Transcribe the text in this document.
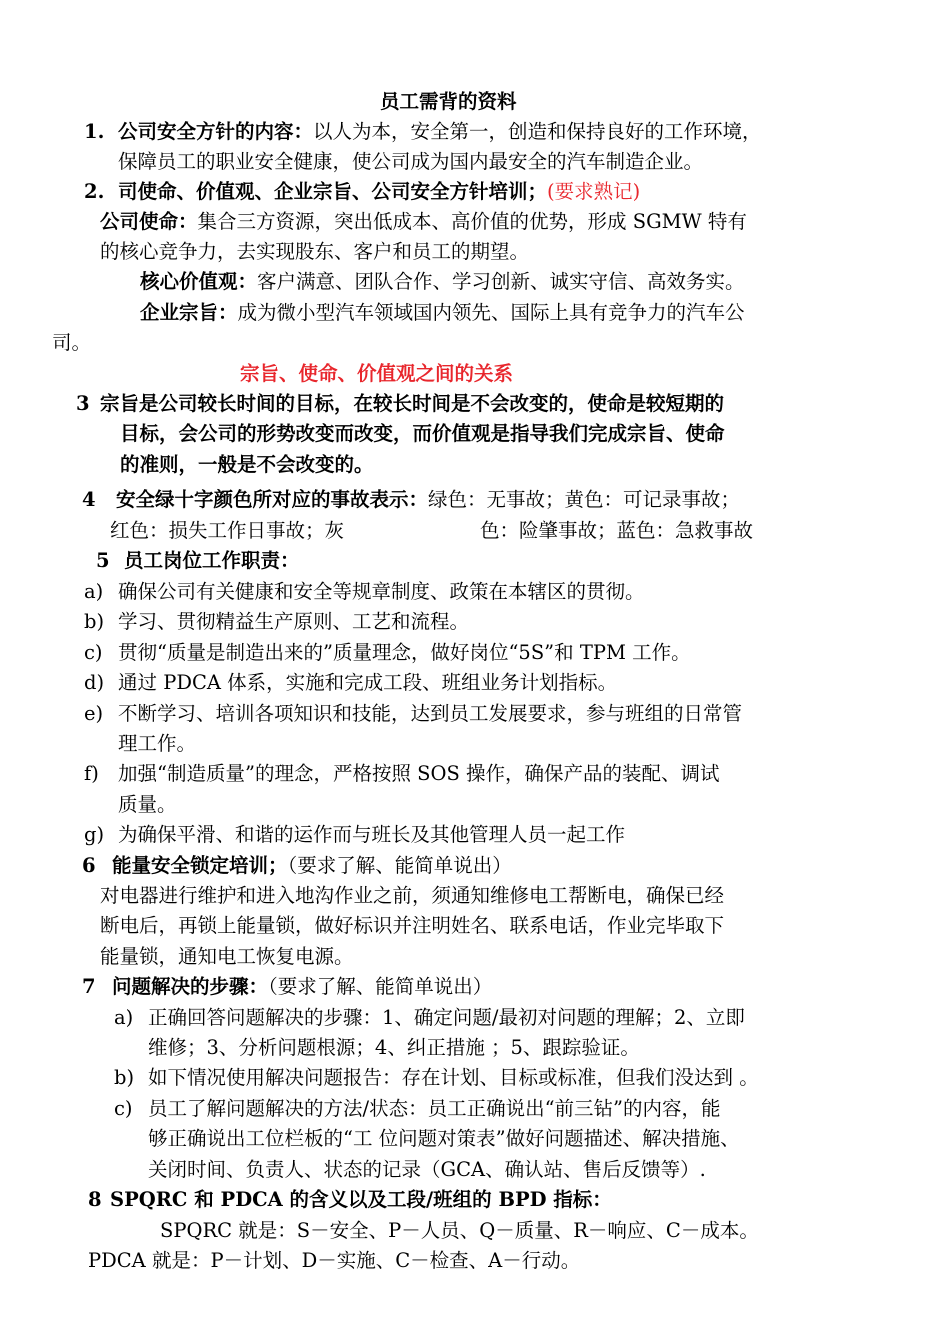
员工需背的资料
1. 公司安全方针的内容：以人为本，安全第一，创造和保持良好的工作环境，
保障员工的职业安全健康，使公司成为国内最安全的汽车制造企业。
2. 司使命、价值观、企业宗旨、公司安全方针培训；(要求熟记)
公司使命：集合三方资源，突出低成本、高价值的优势，形成 SGMW 特有
的核心竞争力，去实现股东、客户和员工的期望。
核心价值观：客户满意、团队合作、学习创新、诚实守信、高效务实。
企业宗旨：成为微小型汽车领域国内领先、国际上具有竞争力的汽车公
司。
宗旨、使命、价值观之间的关系
3 宗旨是公司较长时间的目标，在较长时间是不会改变的，使命是较短期的
目标，会公司的形势改变而改变，而价值观是指导我们完成宗旨、使命
的准则，一般是不会改变的。
4 安全绿十字颜色所对应的事故表示：绿色：无事故；黄色：可记录事故；
红色：损失工作日事故；灰	色：险肇事故；蓝色：急救事故
5 员工岗位工作职责：
a) 确保公司有关健康和安全等规章制度、政策在本辖区的贯彻。
b) 学习、贯彻精益生产原则、工艺和流程。
c) 贯彻“质量是制造出来的”质量理念，做好岗位“5S”和 TPM 工作。
d) 通过 PDCA 体系，实施和完成工段、班组业务计划指标。
e) 不断学习、培训各项知识和技能，达到员工发展要求，参与班组的日常管
理工作。
f) 加强“制造质量”的理念，严格按照 SOS 操作，确保产品的装配、调试
质量。
g) 为确保平滑、和谐的运作而与班长及其他管理人员一起工作
6 能量安全锁定培训；（要求了解、能简单说出）
对电器进行维护和进入地沟作业之前，须通知维修电工帮断电，确保已经
断电后，再锁上能量锁，做好标识并注明姓名、联系电话，作业完毕取下
能量锁，通知电工恢复电源。
7 问题解决的步骤：（要求了解、能简单说出）
a) 正确回答问题解决的步骤：1、确定问题/最初对问题的理解；2、立即
维修；3、分析问题根源；4、纠正措施 ；5、跟踪验证。
b) 如下情况使用解决问题报告：存在计划、目标或标准，但我们没达到 。
c) 员工了解问题解决的方法/状态：员工正确说出“前三钻”的内容，能
够正确说出工位栏板的“工 位问题对策表”做好问题描述、解决措施、
关闭时间、负责人、状态的记录（GCA、确认站、售后反馈等）.
8 SPQRC 和 PDCA 的含义以及工段/班组的 BPD 指标：
SPQRC 就是：S－安全、P－人员、Q－质量、R－响应、C－成本。
PDCA 就是：P－计划、D－实施、C－检查、A－行动。
